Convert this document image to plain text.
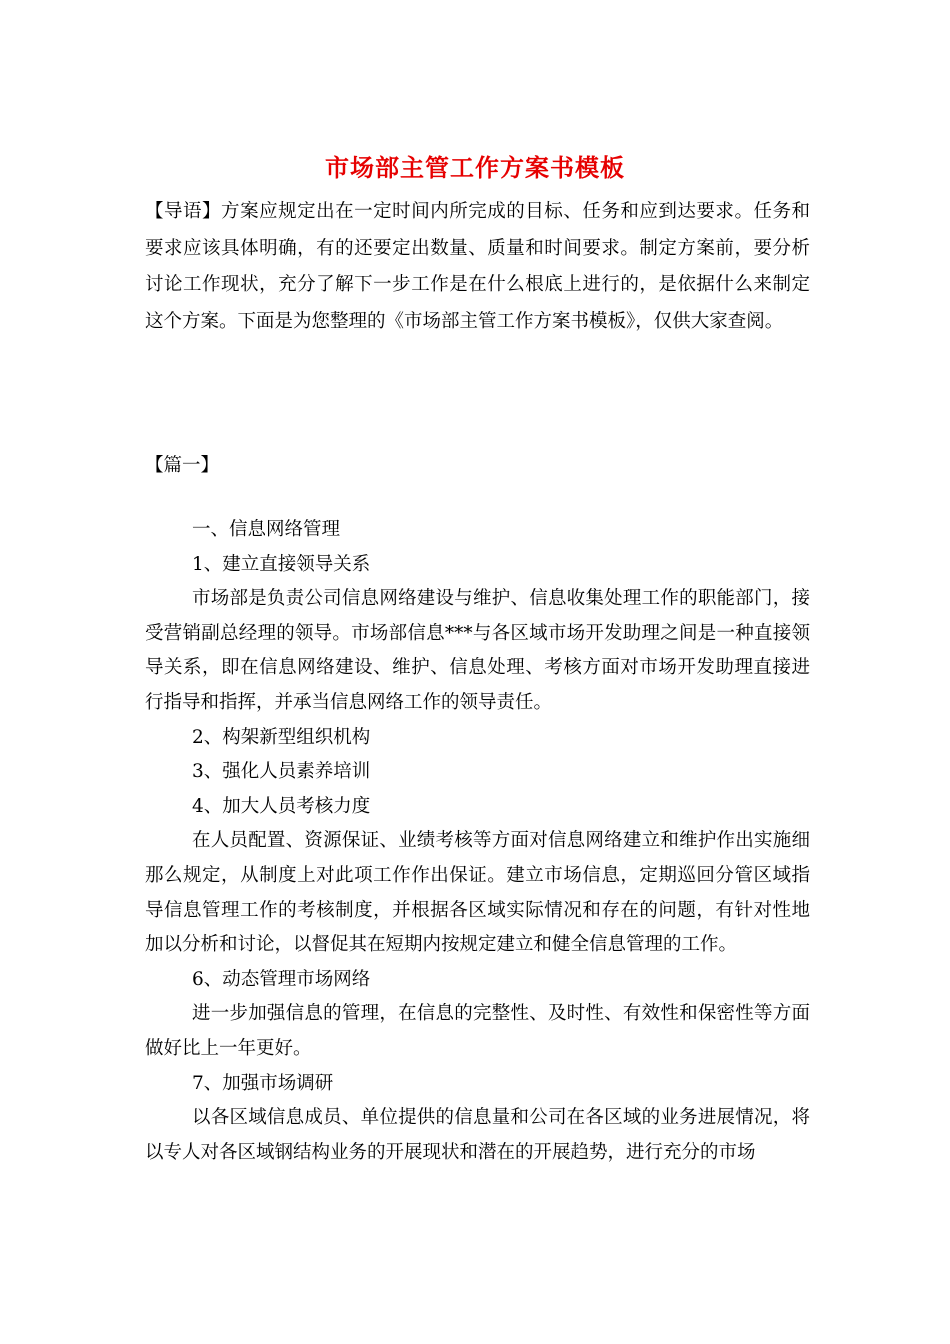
市场部主管工作方案书模板

【导语】方案应规定出在一定时间内所完成的目标、任务和应到达要求。任务和要求应该具体明确，有的还要定出数量、质量和时间要求。制定方案前，要分析讨论工作现状，充分了解下一步工作是在什么根底上进行的，是依据什么来制定这个方案。下面是为您整理的《市场部主管工作方案书模板》，仅供大家查阅。

【篇一】

一、信息网络管理

1、建立直接领导关系

市场部是负责公司信息网络建设与维护、信息收集处理工作的职能部门，接受营销副总经理的领导。市场部信息***与各区域市场开发助理之间是一种直接领导关系，即在信息网络建设、维护、信息处理、考核方面对市场开发助理直接进行指导和指挥，并承当信息网络工作的领导责任。

2、构架新型组织机构

3、强化人员素养培训

4、加大人员考核力度

在人员配置、资源保证、业绩考核等方面对信息网络建立和维护作出实施细那么规定，从制度上对此项工作作出保证。建立市场信息，定期巡回分管区域指导信息管理工作的考核制度，并根据各区域实际情况和存在的问题，有针对性地加以分析和讨论，以督促其在短期内按规定建立和健全信息管理的工作。

6、动态管理市场网络

进一步加强信息的管理，在信息的完整性、及时性、有效性和保密性等方面做好比上一年更好。

7、加强市场调研

以各区域信息成员、单位提供的信息量和公司在各区域的业务进展情况，将以专人对各区域钢结构业务的开展现状和潜在的开展趋势，进行充分的市场
